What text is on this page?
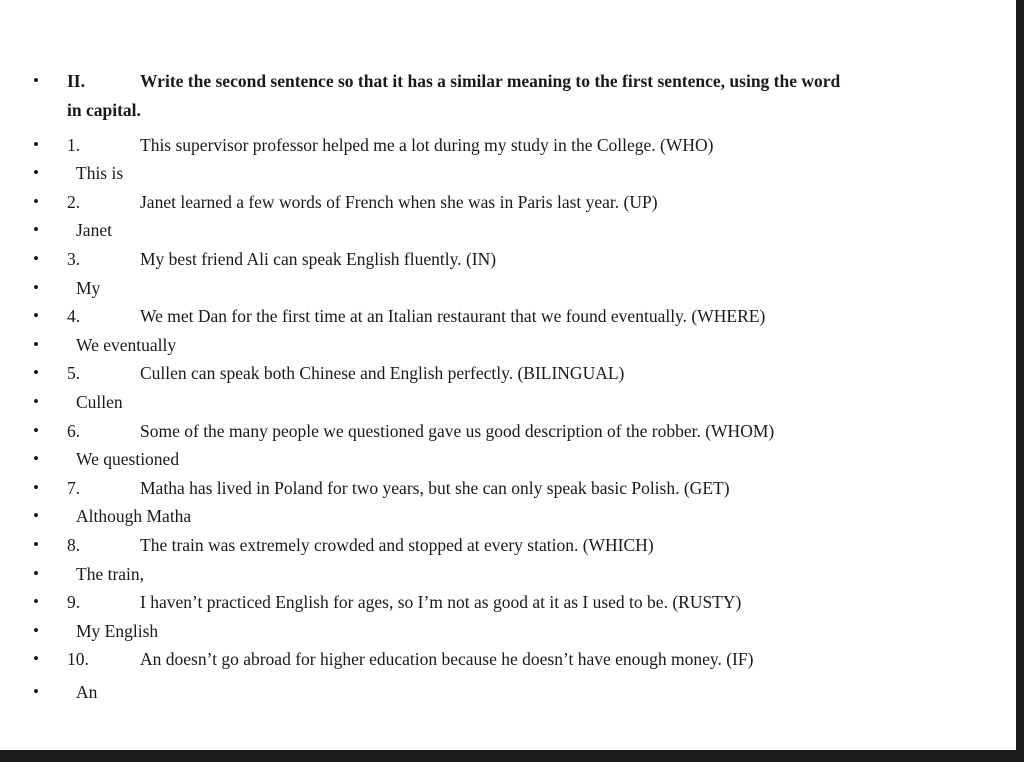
• II.	Write the second sentence so that it has a similar meaning to the first sentence, using the word
in capital.
• 1.	This supervisor professor helped me a lot during my study in the College. (WHO)
• This is
• 2.	Janet learned a few words of French when she was in Paris last year. (UP)
• Janet
• 3.	My best friend Ali can speak English fluently. (IN)
• My
• 4.	We met Dan for the first time at an Italian restaurant that we found eventually. (WHERE)
• We eventually
• 5.	Cullen can speak both Chinese and English perfectly. (BILINGUAL)
• Cullen
• 6.	Some of the many people we questioned gave us good description of the robber. (WHOM)
• We questioned
• 7.	Matha has lived in Poland for two years, but she can only speak basic Polish. (GET)
• Although Matha
• 8.	The train was extremely crowded and stopped at every station. (WHICH)
• The train,
• 9.	I haven’t practiced English for ages, so I’m not as good at it as I used to be. (RUSTY)
• My English
• 10.	An doesn’t go abroad for higher education because he doesn’t have enough money. (IF)
• An
